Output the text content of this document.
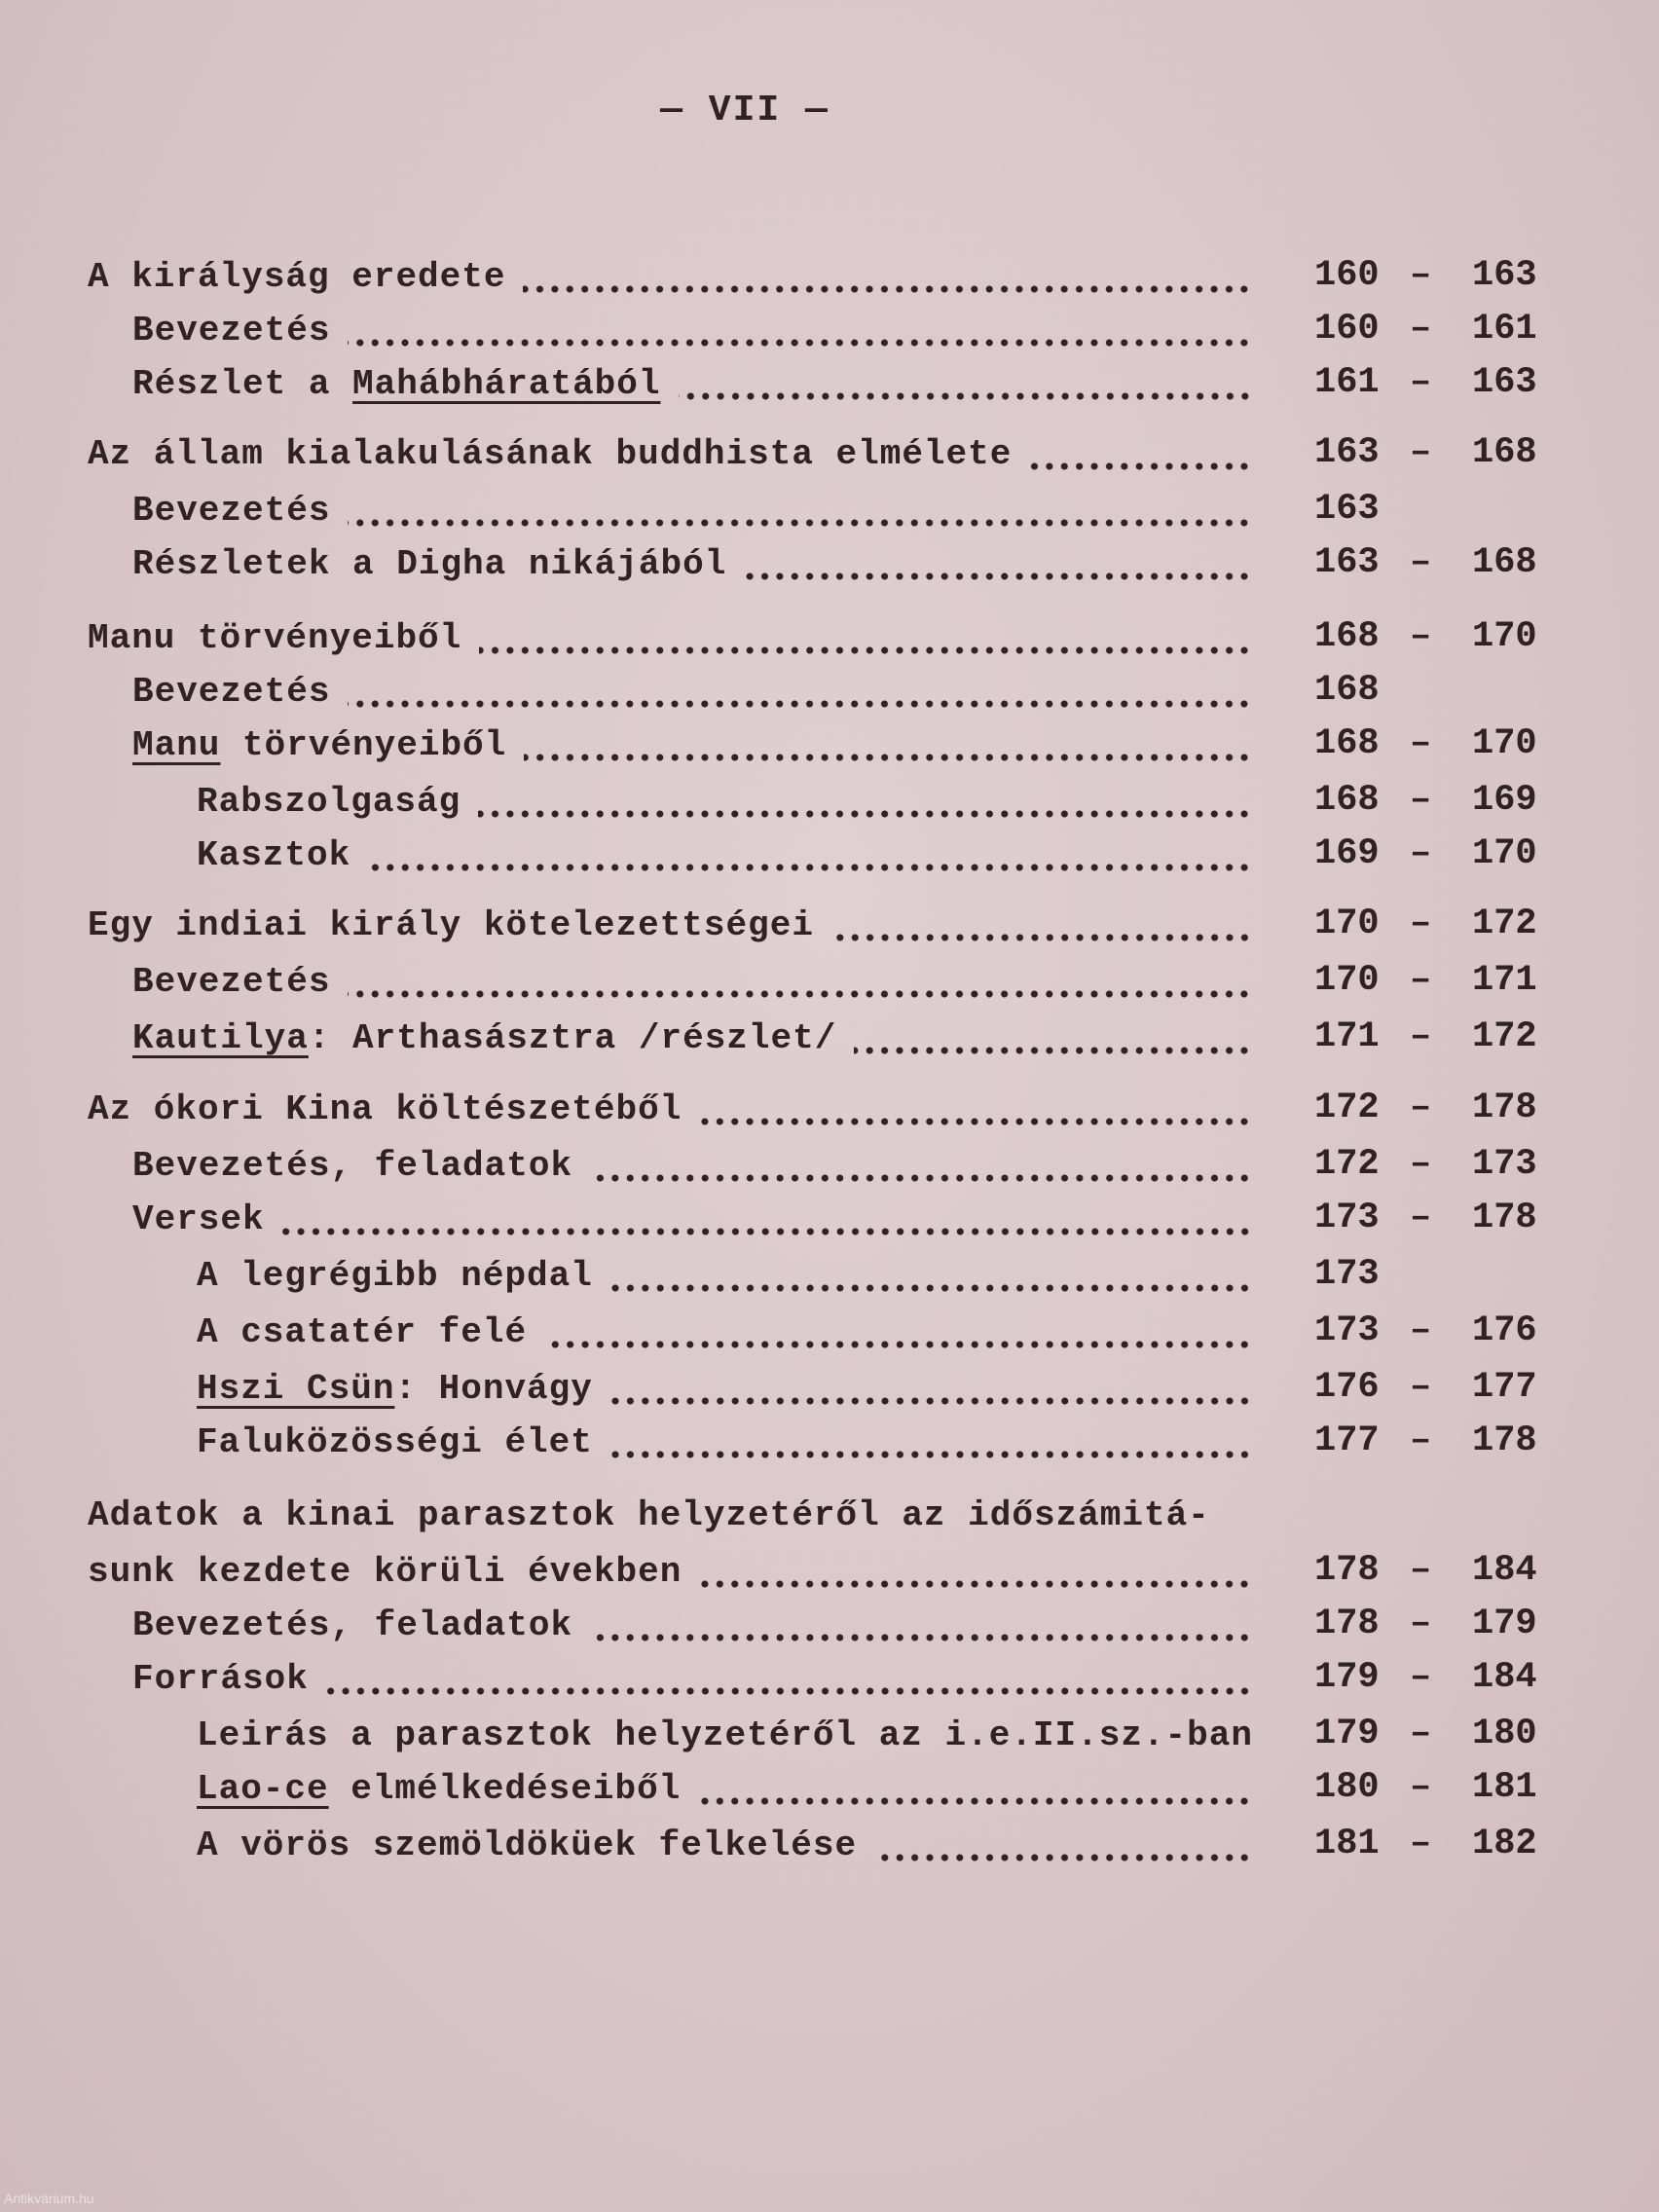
— VII —
A királyság eredete	160 – 163
Bevezetés	160 – 161
Részlet a Mahábháratából	161 – 163
Az állam kialakulásának buddhista elmélete	163 – 168
Bevezetés	163
Részletek a Digha nikájából	163 – 168
Manu törvényeiből	168 – 170
Bevezetés	168
Manu törvényeiből	168 – 170
Rabszolgaság	168 – 169
Kasztok	169 – 170
Egy indiai király kötelezettségei	170 – 172
Bevezetés	170 – 171
Kautilya: Arthasásztra /részlet/	171 – 172
Az ókori Kina költészetéből	172 – 178
Bevezetés, feladatok	172 – 173
Versek	173 – 178
A legrégibb népdal	173
A csatatér felé	173 – 176
Hszi Csün: Honvágy	176 – 177
Faluközösségi élet	177 – 178
Adatok a kinai parasztok helyzetéről az időszámitá-
sunk kezdete körüli években	178 – 184
Bevezetés, feladatok	178 – 179
Források	179 – 184
Leirás a parasztok helyzetéről az i.e.II.sz.-ban 179 – 180
Lao-ce elmélkedéseiből	180 – 181
A vörös szemöldöküek felkelése	181 – 182
Antikvárium.hu
